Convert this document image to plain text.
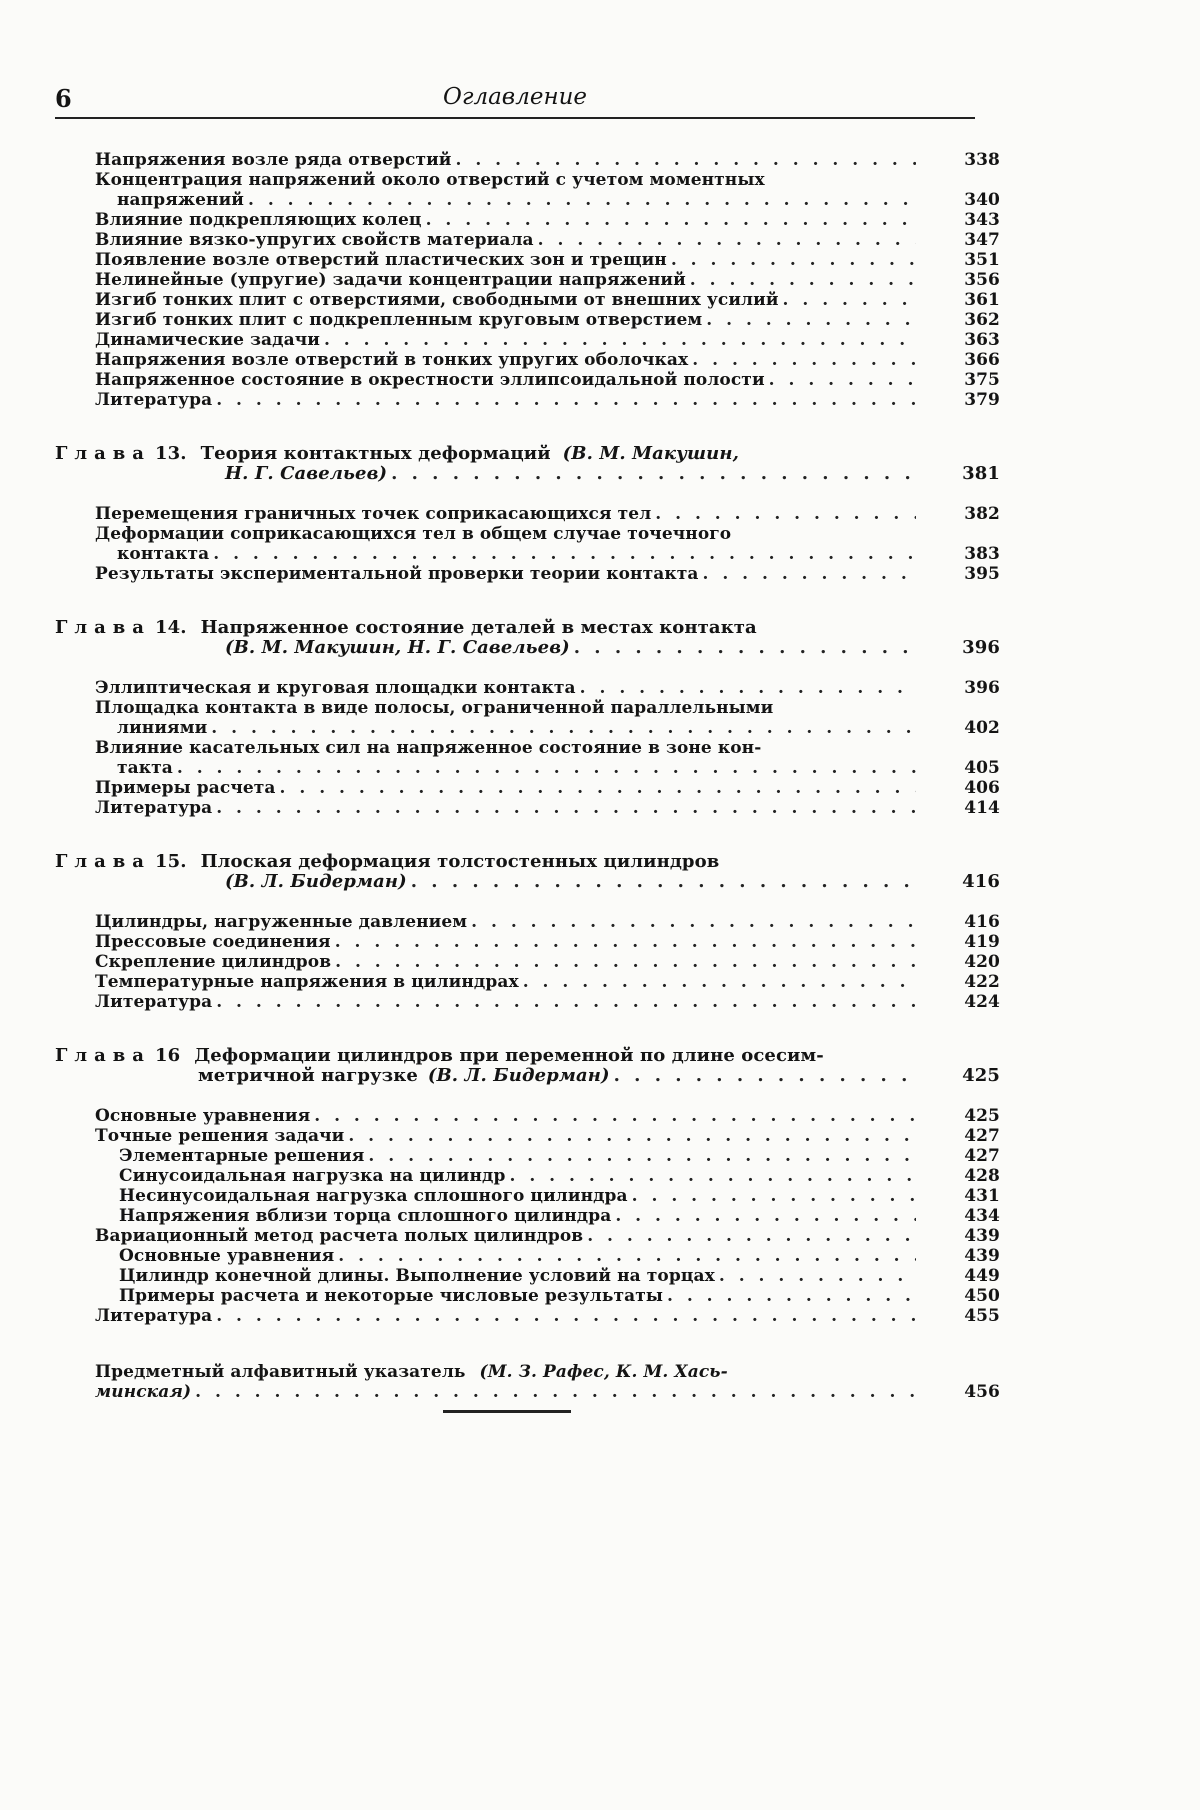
6	Оглавление
Напряжения возле ряда отверстий . . .	338
Концентрация напряжений около отверстий с учетом моментных
напряжений . . .	340
Влияние подкрепляющих колец . . .	343
Влияние вязко-упругих свойств материала . . .	347
Появление возле отверстий пластических зон и трещин . . .	351
Нелинейные (упругие) задачи концентрации напряжений . . .	356
Изгиб тонких плит с отверстиями, свободными от внешних усилий . . .	361
Изгиб тонких плит с подкрепленным круговым отверстием . . .	362
Динамические задачи . . .	363
Напряжения возле отверстий в тонких упругих оболочках . . .	366
Напряженное состояние в окрестности эллипсоидальной полости . . .	375
Литература . . .	379
Глава 13. Теория контактных деформаций (В. М. Макушин,
Н. Г. Савельев) . . .	381
Перемещения граничных точек соприкасающихся тел . . .	382
Деформации соприкасающихся тел в общем случае точечного
контакта . . .	383
Результаты экспериментальной проверки теории контакта . . .	395
Глава 14. Напряженное состояние деталей в местах контакта
(В. М. Макушин, Н. Г. Савельев) . . .	396
Эллиптическая и круговая площадки контакта . . .	396
Площадка контакта в виде полосы, ограниченной параллельными
линиями . . .	402
Влияние касательных сил на напряженное состояние в зоне кон-
такта . . .	405
Примеры расчета . . .	406
Литература . . .	414
Глава 15. Плоская деформация толстостенных цилиндров
(В. Л. Бидерман) . . .	416
Цилиндры, нагруженные давлением . . .	416
Прессовые соединения . . .	419
Скрепление цилиндров . . .	420
Температурные напряжения в цилиндрах . . .	422
Литература . . .	424
Глава 16 Деформации цилиндров при переменной по длине осесим-
метричной нагрузке (В. Л. Бидерман) . . .	425
Основные уравнения . . .	425
Точные решения задачи . . .	427
Элементарные решения . . .	427
Синусоидальная нагрузка на цилиндр . . .	428
Несинусоидальная нагрузка сплошного цилиндра . . .	431
Напряжения вблизи торца сплошного цилиндра . . .	434
Вариационный метод расчета полых цилиндров . . .	439
Основные уравнения . . .	439
Цилиндр конечной длины. Выполнение условий на торцах . . .	449
Примеры расчета и некоторые числовые результаты . . .	450
Литература . . .	455
Предметный алфавитный указатель (М. З. Рафес, К. М. Хась-
минская) . . .	456
